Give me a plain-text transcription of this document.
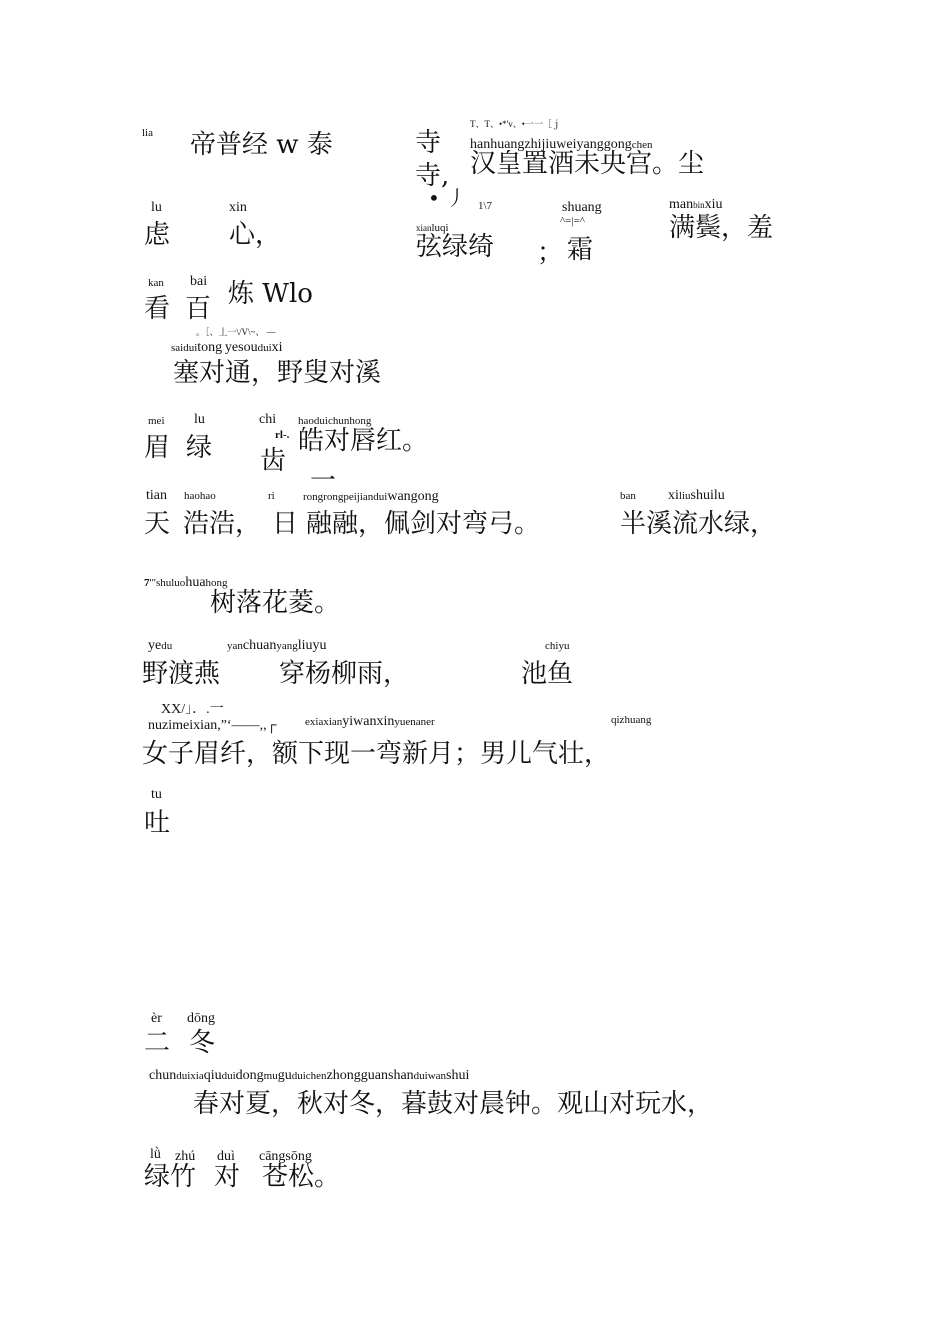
lia 帝普经 w 泰	寺
寺,
T、T、•*'v、•一一［ｊ
hanhuangzhijiuweiyanggongchen
汉皇置酒未央宫。尘
• 丿 1\7
lu
虑
xin
心，	xianluqi
弦绿绮 ；
shuang
^=|=^
霜
manbinxiu
满鬓，羞
kan
看
bai
百 炼 Wlo
。［、丄一\/V\~、 —
saiduitong yesouduixi
塞对通，野叟对溪
mei
眉
lu
绿
chi
rl-.
齿
haoduichunhong
皓对唇红。
tian
天
haohao
浩浩，
ri
日
一
rongrongpeijianduiwangong
融融，佩剑对弯弓。
ban xiliushuilu
半溪流水绿，
7'"shuluohuahong
树落花菱。
yedu
野渡燕
yanchuanyangliuyu
穿杨柳雨，
chiyu
池鱼
XX/」．.一
nuzimeixian,”‘——,,┌	exiaxianyiwanxinyuenaner	qizhuang
女子眉纤，额下现一弯新月；男儿气壮，
tu
吐
èr
二
dōng
冬
chunduixiaqiuduidongmuguduichenzhongguanshanduiwanshui
春对夏，秋对冬，暮鼓对晨钟。观山对玩水，
lǜ zhú duì cāngsōng
绿竹 对 苍松。
